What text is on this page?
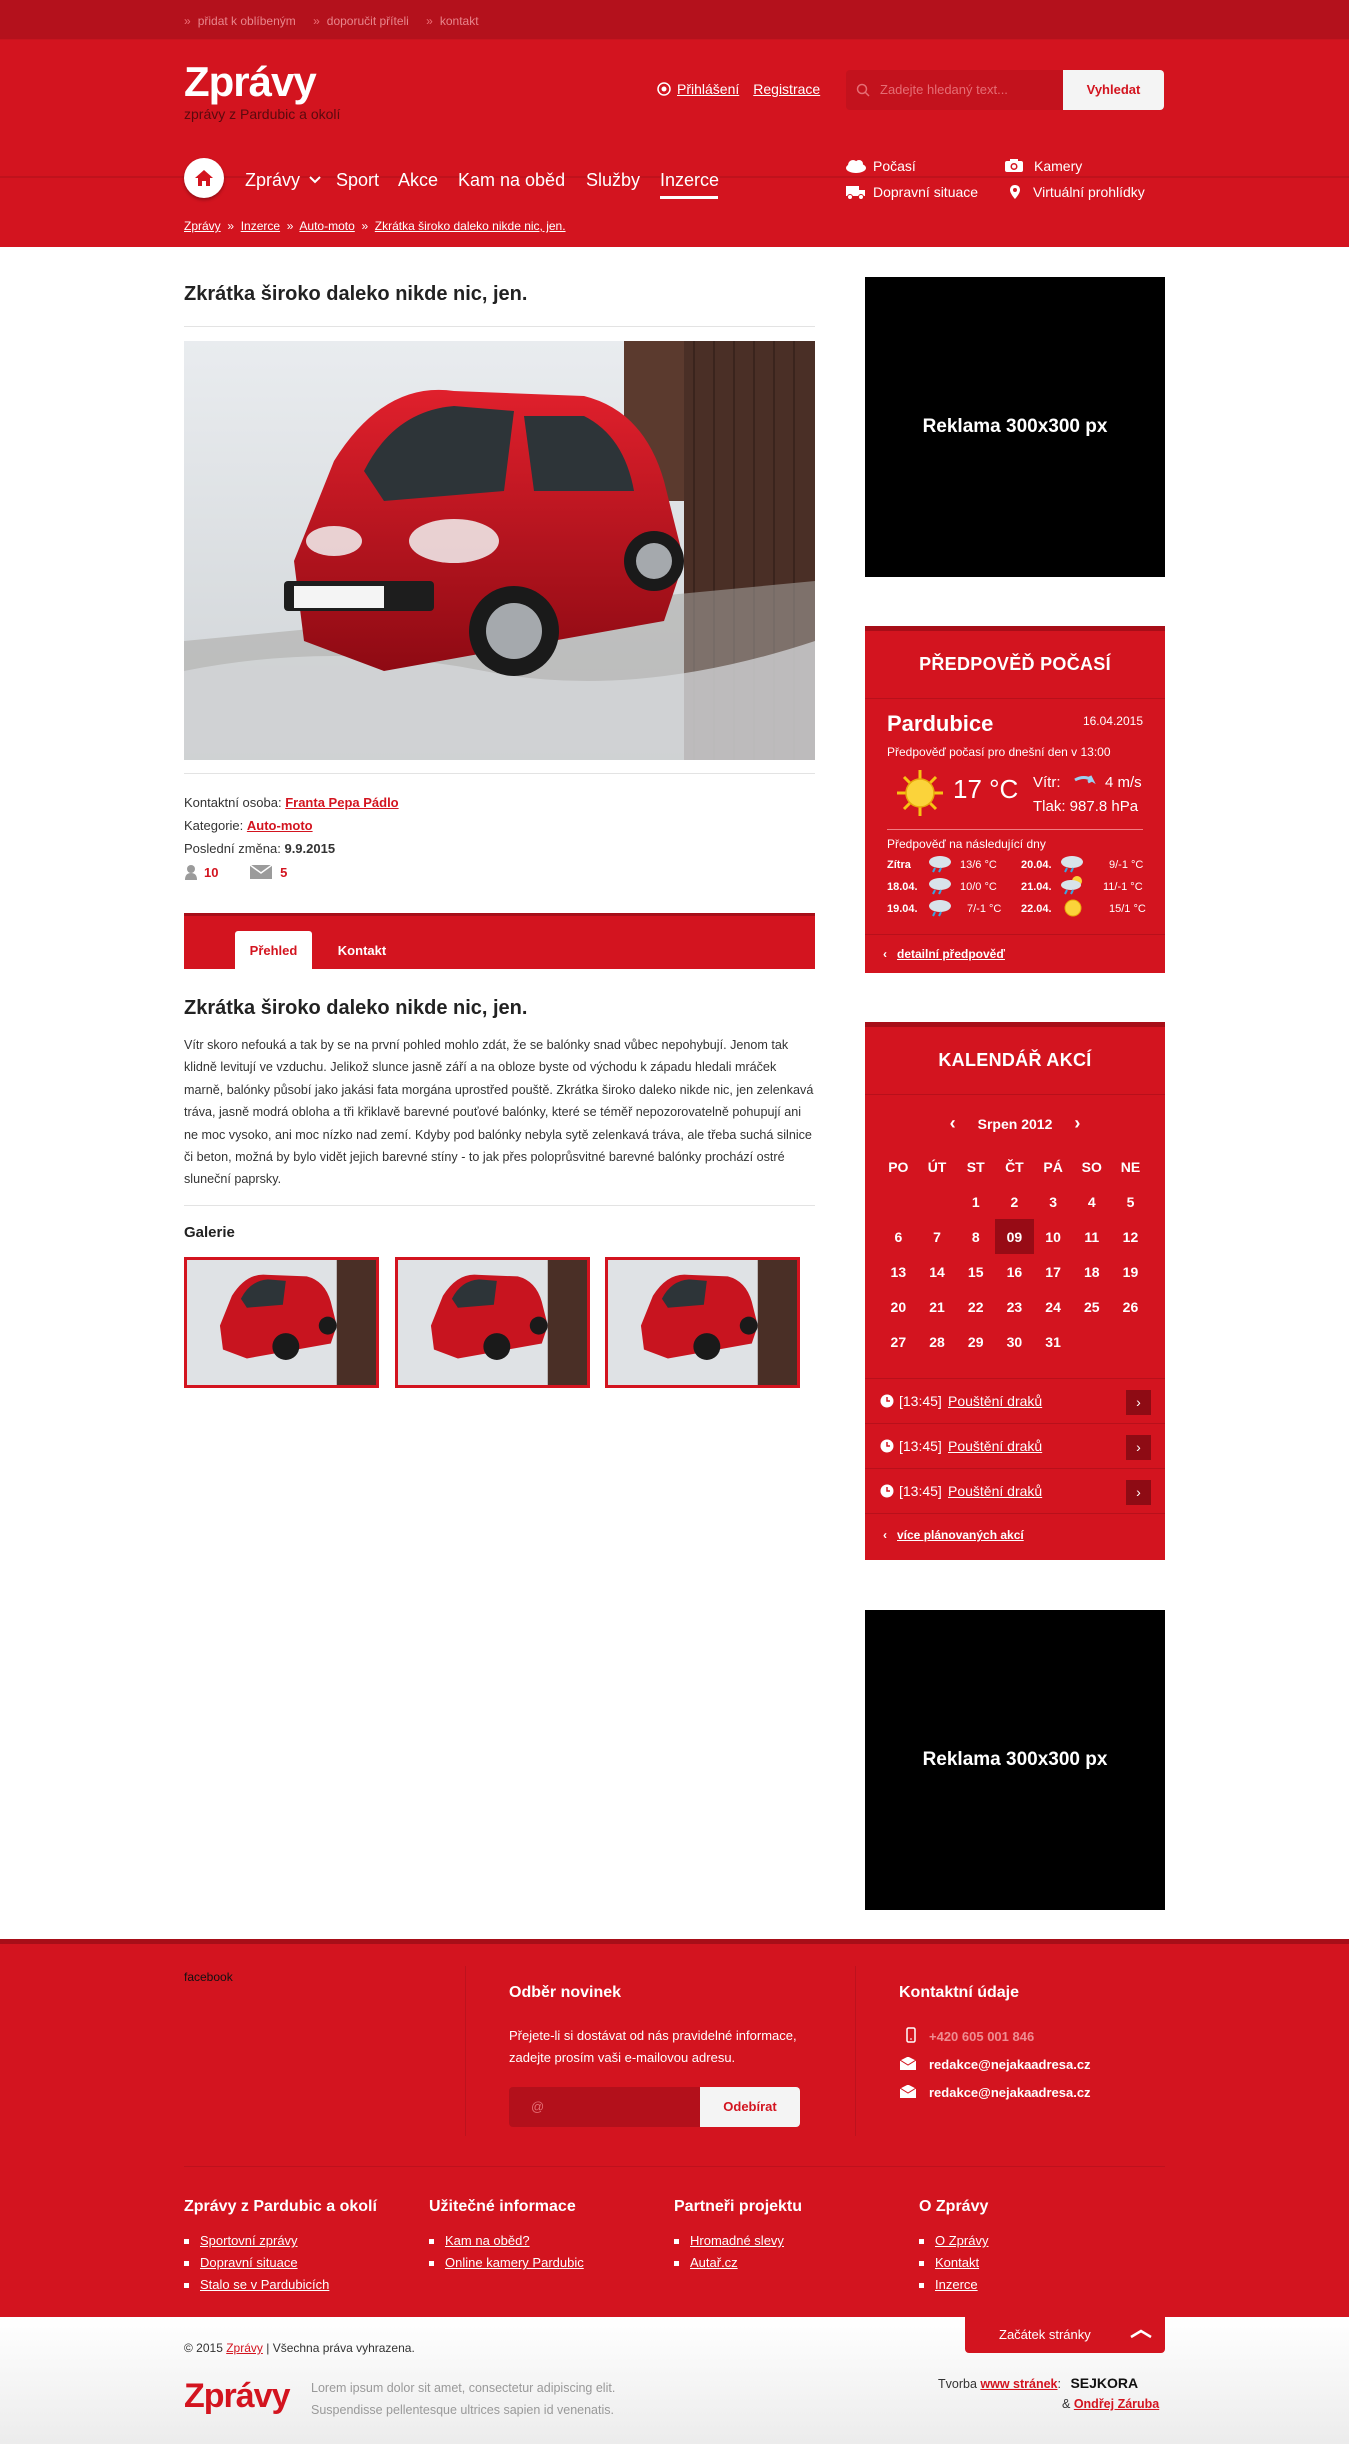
» přidat k oblíbeným » doporučit příteli » kontakt
Zprávy
zprávy z Pardubic a okolí
Přihlášení Registrace	Zadejte hledaný text...	Vyhledat
Zprávy	Sport Akce Kam na oběd Služby Inzerce
Počasí
Dopravní situace
Kamery
Virtuální prohlídky
Zprávy  »  Inzerce  »  Auto-moto  »  Zkrátka široko daleko nikde nic, jen.
Zkrátka široko daleko nikde nic, jen.
Kontaktní osoba: Franta Pepa Pádlo
Kategorie: Auto-moto
Poslední změna: 9.9.2015
10	5
Přehled	Kontakt
Zkrátka široko daleko nikde nic, jen.
Vítr skoro nefouká a tak by se na první pohled mohlo zdát, že se balónky snad vůbec nepohybují. Jenom tak klidně levitují ve vzduchu. Jelikož slunce jasně září a na obloze byste od východu k západu hledali mráček marně, balónky působí jako jakási fata morgána uprostřed pouště. Zkrátka široko daleko nikde nic, jen zelenkavá tráva, jasně modrá obloha a tři křiklavě barevné pouťové balónky, které se téměř nepozorovatelně pohupují ani ne moc vysoko, ani moc nízko nad zemí. Kdyby pod balónky nebyla sytě zelenkavá tráva, ale třeba suchá silnice či beton, možná by bylo vidět jejich barevné stíny - to jak přes poloprůsvitné barevné balónky prochází ostré sluneční paprsky.
Galerie
Reklama 300x300 px
PŘEDPOVĚĎ POČASÍ
Pardubice	16.04.2015
Předpověď počasí pro dnešní den v 13:00
17 °C Vítr:	4 m/s
Tlak: 987.8 hPa
Předpověď na následující dny
Zítra	13/6 °C 20.04.	9/-1 °C
18.04.	10/0 °C 21.04.	11/-1 °C
19.04.	7/-1 °C 22.04.	15/1 °C
‹ detailní předpověď
KALENDÁŘ AKCÍ
‹ Srpen 2012 ›
PO	ÚT	ST	ČT	PÁ	SO	NE
		1	2	3	4	5
6	7	8	09	10	11	12
13	14	15	16	17	18	19
20	21	22	23	24	25	26
27	28	29	30	31		
[13:45] Pouštění draků	›
[13:45] Pouštění draků	›
[13:45] Pouštění draků	›
‹ více plánovaných akcí
Reklama 300x300 px
facebook
Odběr novinek
Přejete-li si dostávat od nás pravidelné informace, zadejte prosím vaši e-mailovou adresu.
@	Odebírat
Kontaktní údaje
+420 605 001 846
redakce@nejakaadresa.cz
redakce@nejakaadresa.cz
Zprávy z Pardubic a okolí
Sportovní zprávy
Dopravní situace
Stalo se v Pardubicích
Užitečné informace
Kam na oběd?
Online kamery Pardubic
Partneři projektu
Hromadné slevy
Autař.cz
O Zprávy
O Zprávy
Kontakt
Inzerce
Začátek stránky
© 2015 Zprávy | Všechna práva vyhrazena.
Zprávy Lorem ipsum dolor sit amet, consectetur adipiscing elit.
Suspendisse pellentesque ultrices sapien id venenatis.
Tvorba www stránek: SEJKORA
& Ondřej Záruba
